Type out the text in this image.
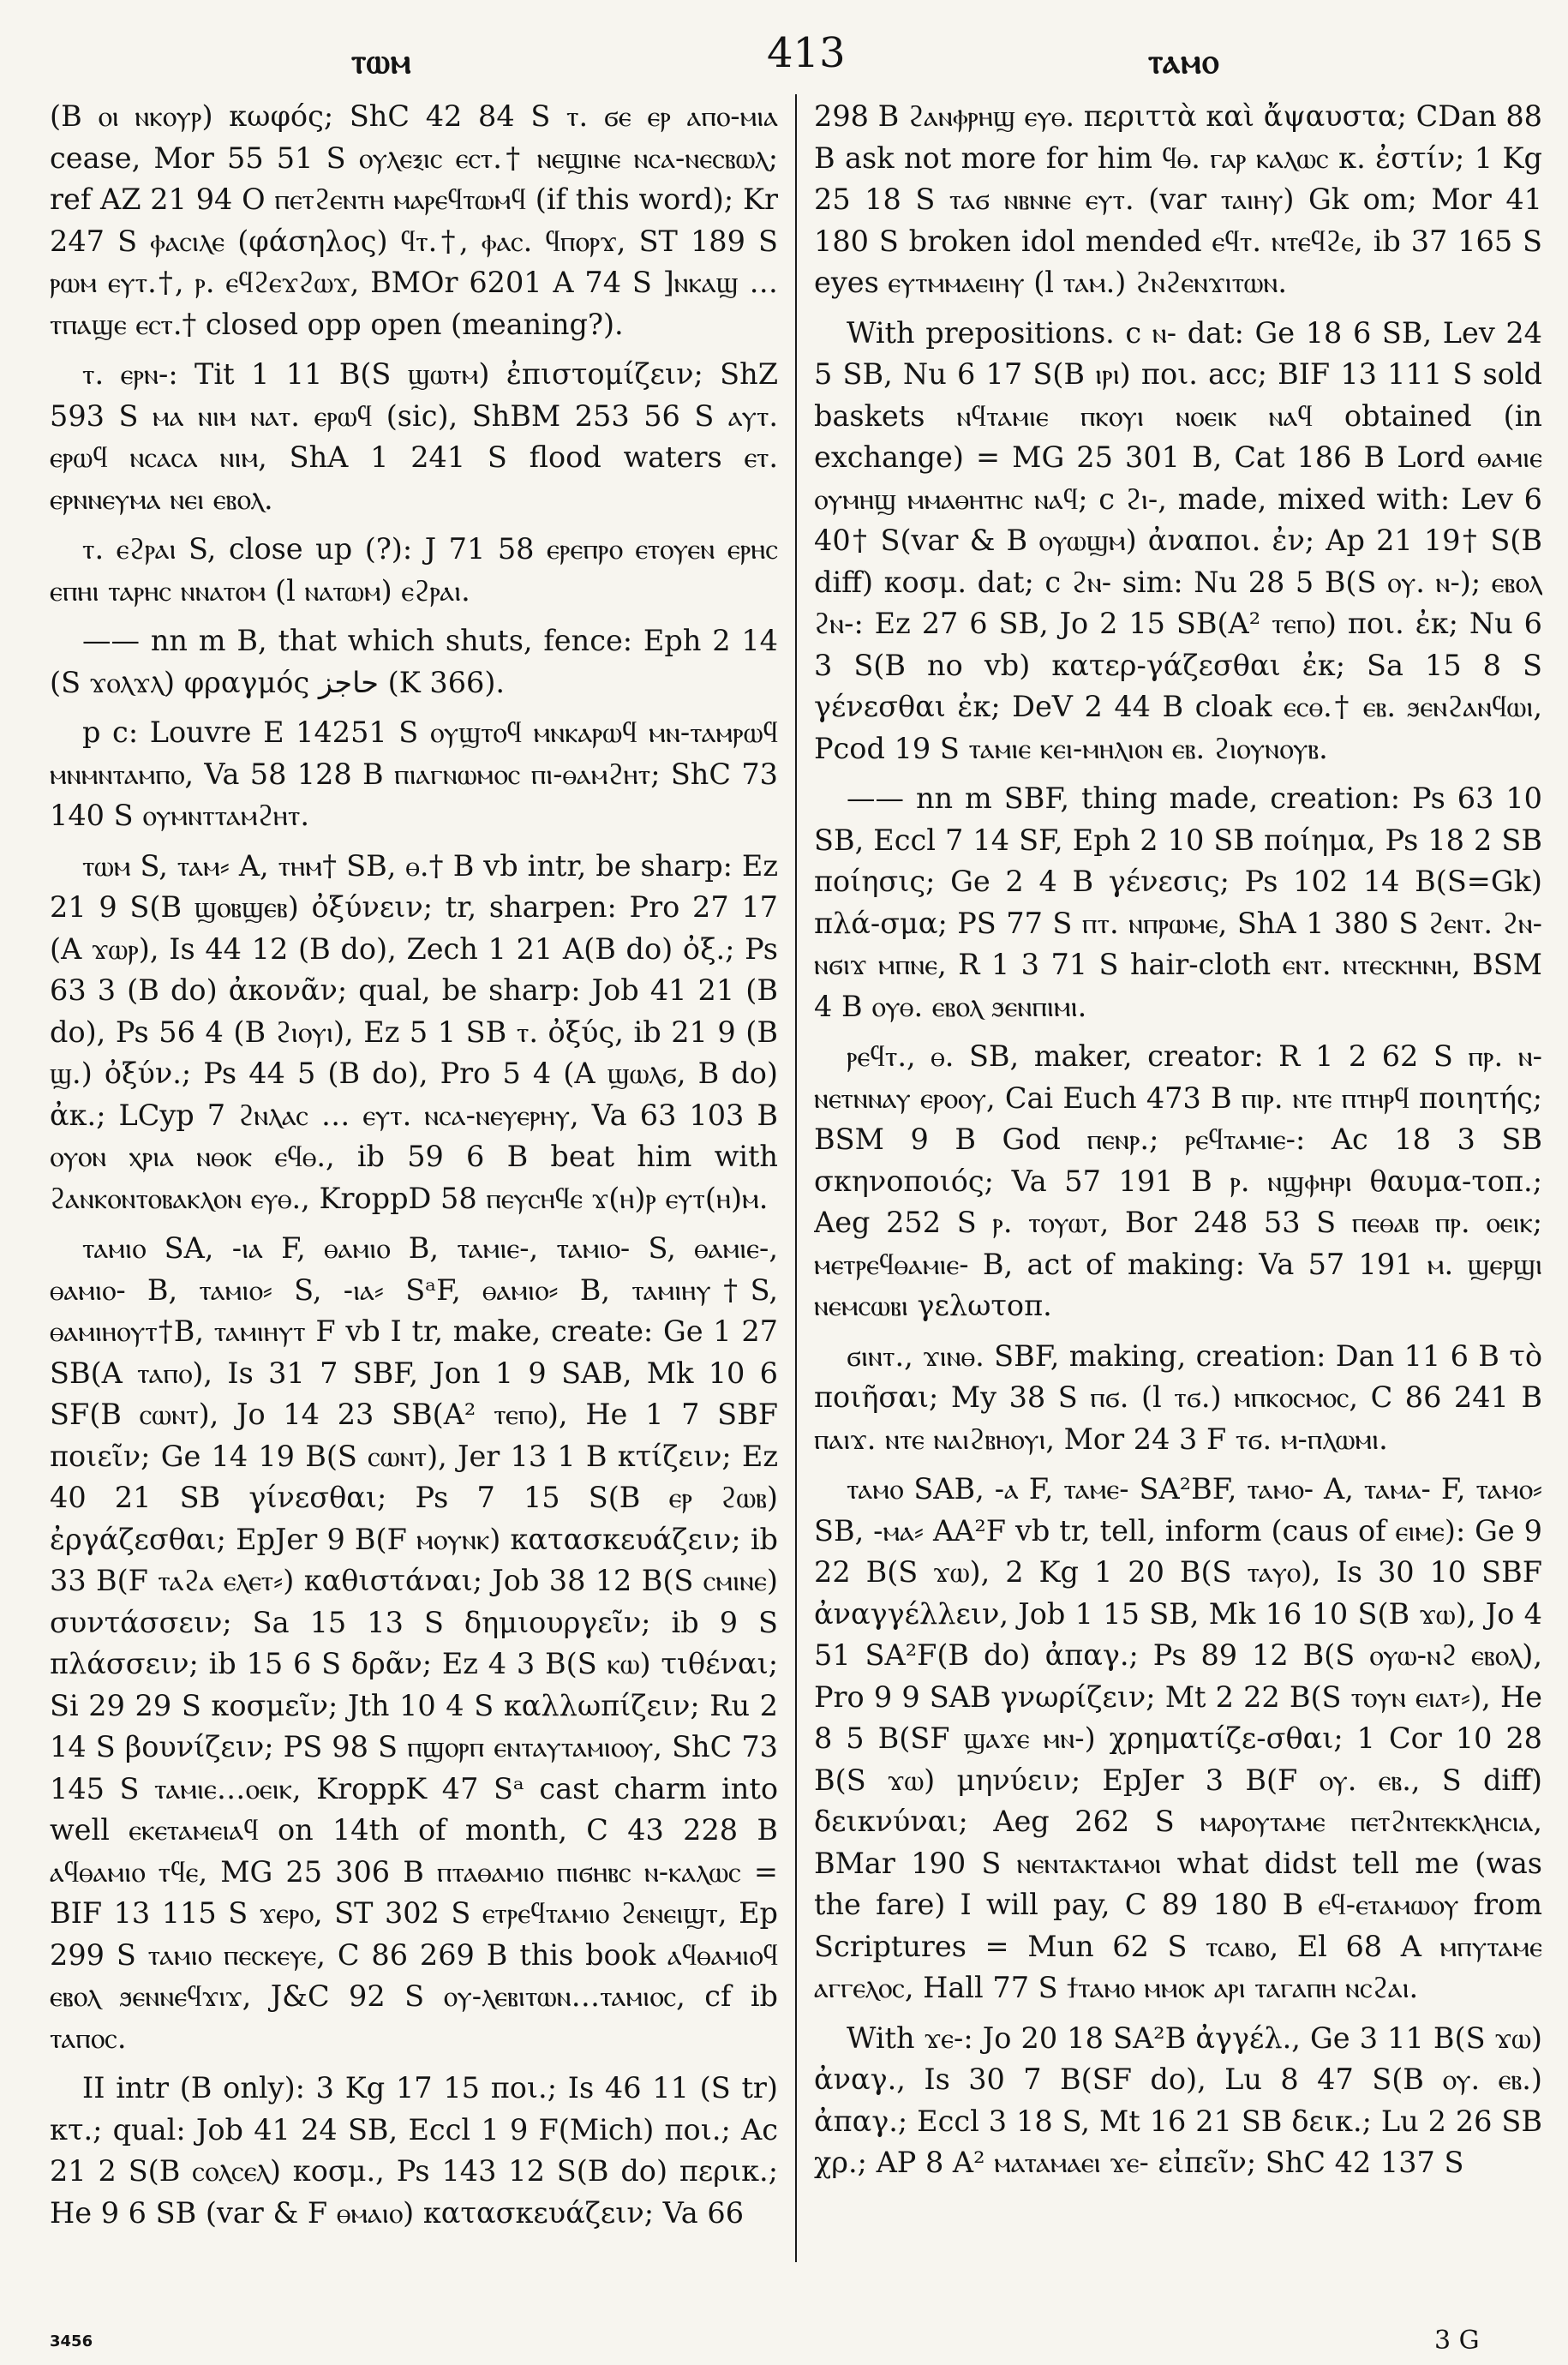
ⲧⲱⲙ	413	ⲧⲁⲙⲟ

(B ⲟⲓ ⲛⲕⲟⲩⲣ) κωφός; ShC 42 84 S ⲧ. ϭⲉ ⲉⲣ ⲁⲡⲟ-ⲙⲓⲁ cease, Mor 55 51 S ⲟⲩⲗⲉⲝⲓⲥ ⲉⲥⲧ.† ⲛⲉϣⲓⲛⲉ ⲛⲥⲁ-ⲛⲉⲥⲃⲱⲗ; ref AZ 21 94 O ⲡⲉⲧϩⲉⲛⲧⲏ ⲙⲁⲣⲉϥⲧⲱⲙϥ (if this word); Kr 247 S ⲫⲁⲥⲓⲗⲉ (φάσηλος) ϥⲧ.†, ⲫⲁⲥ. ϥⲡⲟⲣϫ, ST 189 S ⲣⲱⲙ ⲉⲩⲧ.†, ⲣ. ⲉϥϩⲉϫϩⲱϫ, BMOr 6201 A 74 S ]ⲛⲕⲁϣ … ⲧⲡⲁϣⲉ ⲉⲥⲧ.† closed opp open (meaning?).

ⲧ. ⲉⲣⲛ-: Tit 1 11 B(S ϣⲱⲧⲙ) ἐπιστομίζειν; ShZ 593 S ⲙⲁ ⲛⲓⲙ ⲛⲁⲧ. ⲉⲣⲱϥ (sic), ShBM 253 56 S ⲁⲩⲧ. ⲉⲣⲱϥ ⲛⲥⲁⲥⲁ ⲛⲓⲙ, ShA 1 241 S flood waters ⲉⲧ. ⲉⲣⲛⲛⲉⲩⲙⲁ ⲛⲉⲓ ⲉⲃⲟⲗ.

ⲧ. ⲉϩⲣⲁⲓ S, close up (?): J 71 58 ⲉⲣⲉⲡⲣⲟ ⲉⲧⲟⲩⲉⲛ ⲉⲣⲏⲥ ⲉⲡⲏⲓ ⲧⲁⲣⲏⲥ ⲛⲛⲁⲧⲟⲙ (l ⲛⲁⲧⲱⲙ) ⲉϩⲣⲁⲓ.

—— nn m B, that which shuts, fence: Eph 2 14 (S ϫⲟⲗϫⲗ) φραγμός حاجز (K 366).

p c: Louvre E 14251 S ⲟⲩϣⲧⲟϥ ⲙⲛⲕⲁⲣⲱϥ ⲙⲛ-ⲧⲁⲙⲣⲱϥ ⲙⲛⲙⲛⲧⲁⲙⲡⲟ, Va 58 128 B ⲡⲓⲁⲅⲛⲱⲙⲟⲥ ⲡⲓ-ⲑⲁⲙϩⲏⲧ; ShC 73 140 S ⲟⲩⲙⲛⲧⲧⲁⲙϩⲏⲧ.

ⲧⲱⲙ S, ⲧⲁⲙ⸗ A, ⲧⲏⲙ† SB, ⲑ.† B vb intr, be sharp: Ez 21 9 S(B ϣⲟⲃϣⲉⲃ) ὀξύνειν; tr, sharpen: Pro 27 17 (A ϫⲱⲣ), Is 44 12 (B do), Zech 1 21 A(B do) ὀξ.; Ps 63 3 (B do) ἀκονᾶν; qual, be sharp: Job 41 21 (B do), Ps 56 4 (B ϩⲓⲟⲩⲓ), Ez 5 1 SB ⲧ. ὀξύς, ib 21 9 (B ϣ.) ὀξύν.; Ps 44 5 (B do), Pro 5 4 (A ϣⲱⲗϭ, B do) ἀκ.; LCyp 7 ϩⲛⲗⲁⲥ … ⲉⲩⲧ. ⲛⲥⲁ-ⲛⲉⲩⲉⲣⲏⲩ, Va 63 103 B ⲟⲩⲟⲛ ⲭⲣⲓⲁ ⲛⲑⲟⲕ ⲉϥⲑ., ib 59 6 B beat him with ϩⲁⲛⲕⲟⲛⲧⲟⲃⲁⲕⲗⲟⲛ ⲉⲩⲑ., KroppD 58 ⲡⲉⲩⲥⲏϥⲉ ϫ(ⲏ)ⲣ ⲉⲩⲧ(ⲏ)ⲙ.

ⲧⲁⲙⲓⲟ SA, -ⲓⲁ F, ⲑⲁⲙⲓⲟ B, ⲧⲁⲙⲓⲉ-, ⲧⲁⲙⲓⲟ- S, ⲑⲁⲙⲓⲉ-, ⲑⲁⲙⲓⲟ- B, ⲧⲁⲙⲓⲟ⸗ S, -ⲓⲁ⸗ SᵃF, ⲑⲁⲙⲓⲟ⸗ B, ⲧⲁⲙⲓⲏⲩ†S, ⲑⲁⲙⲓⲏⲟⲩⲧ†B, ⲧⲁⲙⲓⲏⲩⲧ F vb I tr, make, create: Ge 1 27 SB(A ⲧⲁⲡⲟ), Is 31 7 SBF, Jon 1 9 SAB, Mk 10 6 SF(B ⲥⲱⲛⲧ), Jo 14 23 SB(A² ⲧⲉⲡⲟ), He 1 7 SBF ποιεῖν; Ge 14 19 B(S ⲥⲱⲛⲧ), Jer 13 1 B κτίζειν; Ez 40 21 SB γίνεσθαι; Ps 7 15 S(B ⲉⲣ ϩⲱⲃ) ἐργάζεσθαι; EpJer 9 B(F ⲙⲟⲩⲛⲕ) κατασκευάζειν; ib 33 B(F ⲧⲁϩⲁ ⲉⲗⲉⲧ⸗) καθιστάναι; Job 38 12 B(S ⲥⲙⲓⲛⲉ) συντάσσειν; Sa 15 13 S δημιουργεῖν; ib 9 S πλάσσειν; ib 15 6 S δρᾶν; Ez 4 3 B(S ⲕⲱ) τιθέναι; Si 29 29 S κοσμεῖν; Jth 10 4 S καλλωπίζειν; Ru 2 14 S βουνίζειν; PS 98 S ⲡϣⲟⲣⲡ ⲉⲛⲧⲁⲩⲧⲁⲙⲓⲟⲟⲩ, ShC 73 145 S ⲧⲁⲙⲓⲉ…ⲟⲉⲓⲕ, KroppK 47 Sᵃ cast charm into well ⲉⲕⲉⲧⲁⲙⲉⲓⲁϥ on 14th of month, C 43 228 B ⲁϥⲑⲁⲙⲓⲟ ⲧϥⲉ, MG 25 306 B ⲡⲧⲁⲑⲁⲙⲓⲟ ⲡⲓϭⲏⲃⲥ ⲛ-ⲕⲁⲗⲱⲥ = BIF 13 115 S ϫⲉⲣⲟ, ST 302 S ⲉⲧⲣⲉϥⲧⲁⲙⲓⲟ ϩⲉⲛⲉⲓϣⲧ, Ep 299 S ⲧⲁⲙⲓⲟ ⲡⲉⲥⲕⲉⲩⲉ, C 86 269 B this book ⲁϥⲑⲁⲙⲓⲟϥ ⲉⲃⲟⲗ ϧⲉⲛⲛⲉϥϫⲓϫ, J&C 92 S ⲟⲩ-ⲗⲉⲃⲓⲧⲱⲛ…ⲧⲁⲙⲓⲟⲥ, cf ib ⲧⲁⲡⲟⲥ.

II intr (B only): 3 Kg 17 15 ποι.; Is 46 11 (S tr) κτ.; qual: Job 41 24 SB, Eccl 1 9 F(Mich) ποι.; Ac 21 2 S(B ⲥⲟⲗⲥⲉⲗ) κοσμ., Ps 143 12 S(B do) περικ.; He 9 6 SB (var & F ⲑⲙⲁⲓⲟ) κατασκευάζειν; Va 66

298 B ϩⲁⲛⲫⲣⲏϣ ⲉⲩⲑ. περιττὰ καὶ ἄψαυστα; CDan 88 B ask not more for him ϥⲑ. ⲅⲁⲣ ⲕⲁⲗⲱⲥ κ. ἐστίν; 1 Kg 25 18 S ⲧⲁϭ ⲛⲃⲛⲛⲉ ⲉⲩⲧ. (var ⲧⲁⲓⲏⲩ) Gk om; Mor 41 180 S broken idol mended ⲉϥⲧ. ⲛⲧⲉϥϩⲉ, ib 37 165 S eyes ⲉⲩⲧⲙⲙⲁⲉⲓⲏⲩ (l ⲧⲁⲙ.) ϩⲛϩⲉⲛϫⲓⲧⲱⲛ.

With prepositions. c ⲛ- dat: Ge 18 6 SB, Lev 24 5 SB, Nu 6 17 S(B ⲓⲣⲓ) ποι. acc; BIF 13 111 S sold baskets ⲛϥⲧⲁⲙⲓⲉ ⲡⲕⲟⲩⲓ ⲛⲟⲉⲓⲕ ⲛⲁϥ obtained (in exchange) = MG 25 301 B, Cat 186 B Lord ⲑⲁⲙⲓⲉ ⲟⲩⲙⲏϣ ⲙⲙⲁⲑⲏⲧⲏⲥ ⲛⲁϥ; c ϩⲓ-, made, mixed with: Lev 6 40† S(var & B ⲟⲩⲱϣⲙ) ἀναποι. ἐν; Ap 21 19† S(B diff) κοσμ. dat; c ϩⲛ- sim: Nu 28 5 B(S ⲟⲩ. ⲛ-); ⲉⲃⲟⲗ ϩⲛ-: Ez 27 6 SB, Jo 2 15 SB(A² ⲧⲉⲡⲟ) ποι. ἐκ; Nu 6 3 S(B no vb) κατερ-γάζεσθαι ἐκ; Sa 15 8 S γένεσθαι ἐκ; DeV 2 44 B cloak ⲉⲥⲑ.† ⲉⲃ. ϧⲉⲛϩⲁⲛϥⲱⲓ, Pcod 19 S ⲧⲁⲙⲓⲉ ⲕⲉⲓ-ⲙⲏⲗⲓⲟⲛ ⲉⲃ. ϩⲓⲟⲩⲛⲟⲩⲃ.

—— nn m SBF, thing made, creation: Ps 63 10 SB, Eccl 7 14 SF, Eph 2 10 SB ποίημα, Ps 18 2 SB ποίησις; Ge 2 4 B γένεσις; Ps 102 14 B(S=Gk) πλά-σμα; PS 77 S ⲡⲧ. ⲛⲡⲣⲱⲙⲉ, ShA 1 380 S ϩⲉⲛⲧ. ϩⲛ-ⲛϭⲓϫ ⲙⲡⲛⲉ, R 1 3 71 S hair-cloth ⲉⲛⲧ. ⲛⲧⲉⲥⲕⲏⲛⲏ, BSM 4 B ⲟⲩⲑ. ⲉⲃⲟⲗ ϧⲉⲛⲡⲓⲙⲓ.

ⲣⲉϥⲧ., ⲑ. SB, maker, creator: R 1 2 62 S ⲡⲣ. ⲛ-ⲛⲉⲧⲛⲛⲁⲩ ⲉⲣⲟⲟⲩ, Cai Euch 473 B ⲡⲓⲣ. ⲛⲧⲉ ⲡⲧⲏⲣϥ ποιητής; BSM 9 B God ⲡⲉⲛⲣ.; ⲣⲉϥⲧⲁⲙⲓⲉ-: Ac 18 3 SB σκηνοποιός; Va 57 191 B ⲣ. ⲛϣⲫⲏⲣⲓ θαυμα-τοπ.; Aeg 252 S ⲣ. ⲧⲟⲩⲱⲧ, Bor 248 53 S ⲡⲉⲑⲁⲃ ⲡⲣ. ⲟⲉⲓⲕ; ⲙⲉⲧⲣⲉϥⲑⲁⲙⲓⲉ- B, act of making: Va 57 191 ⲙ. ϣⲉⲣϣⲓ ⲛⲉⲙⲥⲱⲃⲓ γελωτοπ.

ϭⲓⲛⲧ., ϫⲓⲛⲑ. SBF, making, creation: Dan 11 6 B τὸ ποιῆσαι; My 38 S ⲡϭ. (l ⲧϭ.) ⲙⲡⲕⲟⲥⲙⲟⲥ, C 86 241 B ⲡⲁⲓϫ. ⲛⲧⲉ ⲛⲁⲓϩⲃⲏⲟⲩⲓ, Mor 24 3 F ⲧϭ. ⲙ-ⲡⲗⲱⲙⲓ.

ⲧⲁⲙⲟ SAB, -ⲁ F, ⲧⲁⲙⲉ- SA²BF, ⲧⲁⲙⲟ- A, ⲧⲁⲙⲁ- F, ⲧⲁⲙⲟ⸗ SB, -ⲙⲁ⸗ AA²F vb tr, tell, inform (caus of ⲉⲓⲙⲉ): Ge 9 22 B(S ϫⲱ), 2 Kg 1 20 B(S ⲧⲁⲩⲟ), Is 30 10 SBF ἀναγγέλλειν, Job 1 15 SB, Mk 16 10 S(B ϫⲱ), Jo 4 51 SA²F(B do) ἀπαγ.; Ps 89 12 B(S ⲟⲩⲱ-ⲛϩ ⲉⲃⲟⲗ), Pro 9 9 SAB γνωρίζειν; Mt 2 22 B(S ⲧⲟⲩⲛ ⲉⲓⲁⲧ⸗), He 8 5 B(SF ϣⲁϫⲉ ⲙⲛ-) χρηματίζε-σθαι; 1 Cor 10 28 B(S ϫⲱ) μηνύειν; EpJer 3 B(F ⲟⲩ. ⲉⲃ., S diff) δεικνύναι; Aeg 262 S ⲙⲁⲣⲟⲩⲧⲁⲙⲉ ⲡⲉⲧϩⲛⲧⲉⲕⲕⲗⲏⲥⲓⲁ, BMar 190 S ⲛⲉⲛⲧⲁⲕⲧⲁⲙⲟⲓ what didst tell me (was the fare) I will pay, C 89 180 B ⲉϥ-ⲉⲧⲁⲙⲱⲟⲩ from Scriptures = Mun 62 S ⲧⲥⲁⲃⲟ, El 68 A ⲙⲡⲩⲧⲁⲙⲉ ⲁⲅⲅⲉⲗⲟⲥ, Hall 77 S ϯⲧⲁⲙⲟ ⲙⲙⲟⲕ ⲁⲣⲓ ⲧⲁⲅⲁⲡⲏ ⲛⲥϩⲁⲓ.

With ϫⲉ-: Jo 20 18 SA²B ἀγγέλ., Ge 3 11 B(S ϫⲱ) ἀναγ., Is 30 7 B(SF do), Lu 8 47 S(B ⲟⲩ. ⲉⲃ.) ἀπαγ.; Eccl 3 18 S, Mt 16 21 SB δεικ.; Lu 2 26 SB χρ.; AP 8 A² ⲙⲁⲧⲁⲙⲁⲉⲓ ϫⲉ- εἰπεῖν; ShC 42 137 S

3456	3 G
